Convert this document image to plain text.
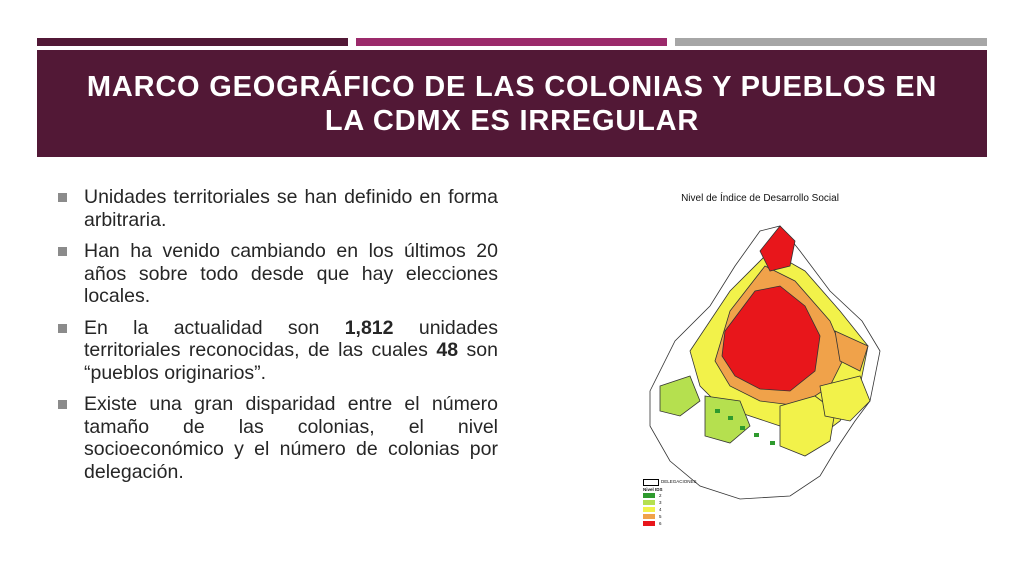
MARCO GEOGRÁFICO DE LAS COLONIAS Y PUEBLOS EN LA CDMX ES IRREGULAR
Unidades territoriales se han definido en forma arbitraria.
Han ha venido cambiando en los últimos 20 años sobre todo desde que hay elecciones locales.
En la actualidad son 1,812 unidades territoriales reconocidas, de las cuales 48 son “pueblos originarios”.
Existe una gran disparidad entre el número tamaño de las colonias, el nivel socioeconómico y el número de colonias por delegación.
Nivel de Índice de Desarrollo Social
DELEGACIONES
Nivel IDS
2
3
4
5
6
